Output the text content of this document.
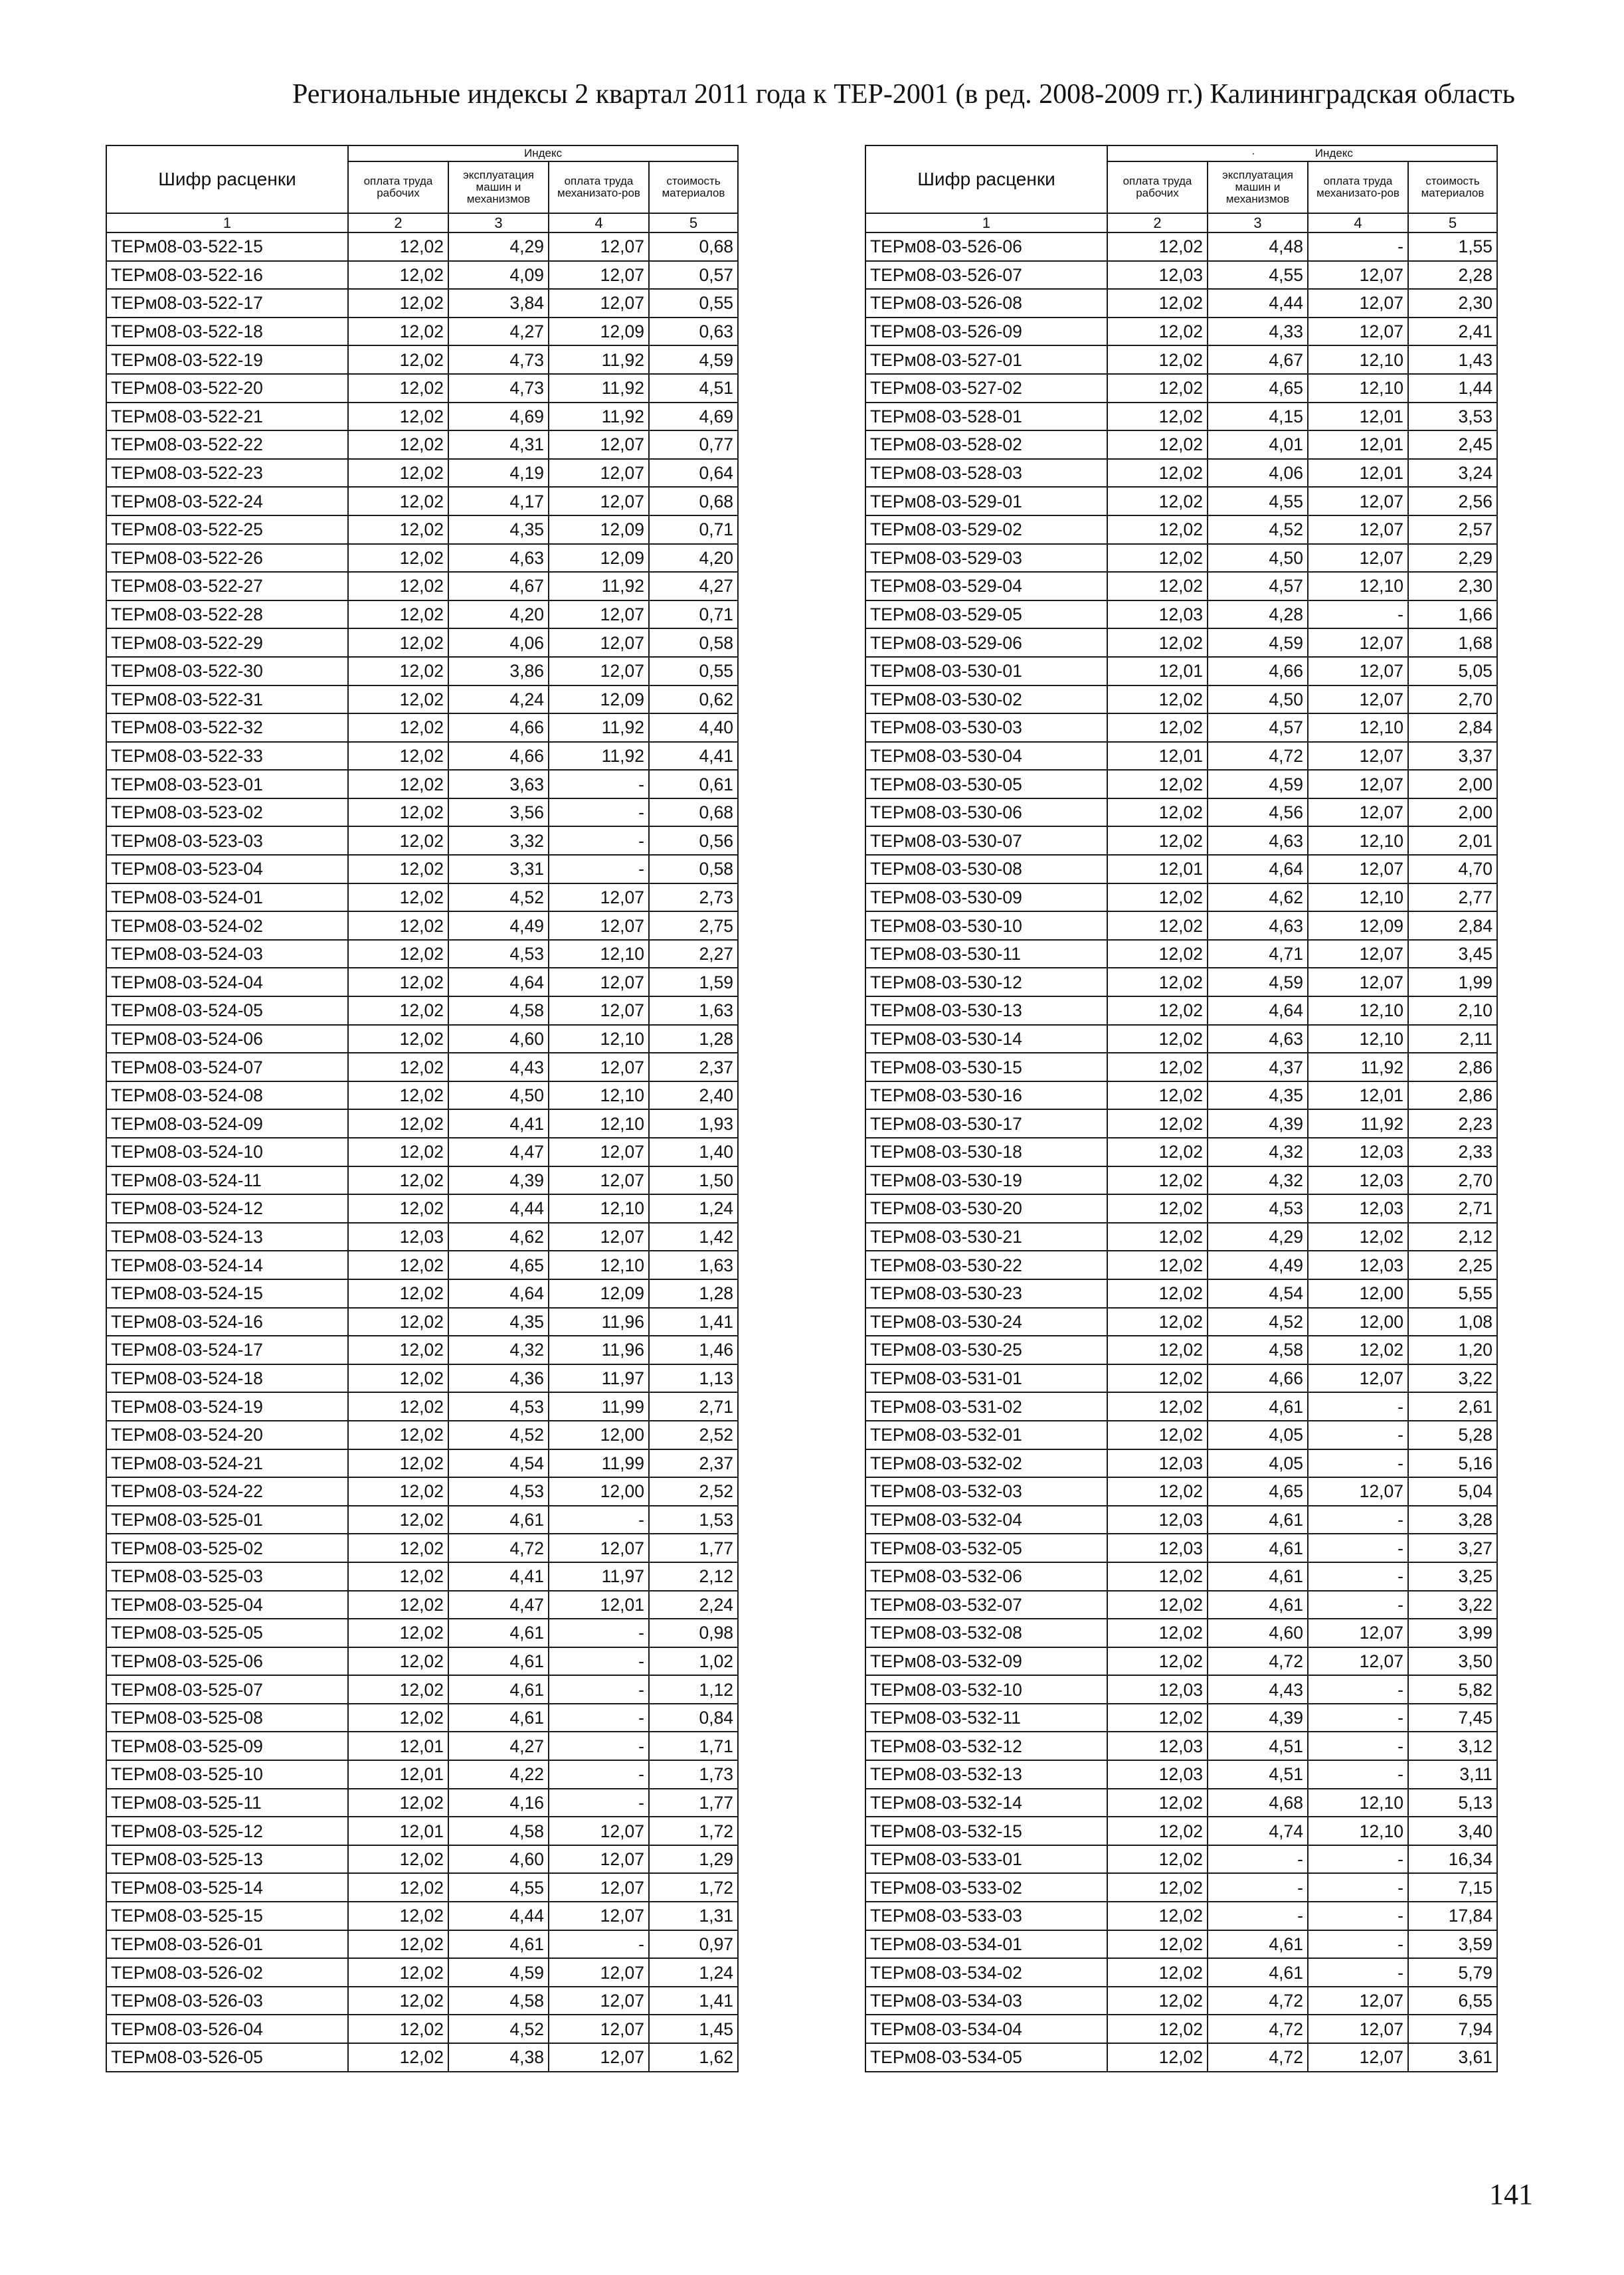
Региональные индексы 2 квартал 2011 года к ТЕР-2001 (в ред. 2008-2009 гг.) Калининградская область
Шифр расценки	Индекс			
	оплата труда рабочих	эксплуатация машин и механизмов	оплата труда механизато-ров	стоимость материалов
1	2	3	4	5
ТЕРм08-03-522-15	12,02	4,29	12,07	0,68
ТЕРм08-03-522-16	12,02	4,09	12,07	0,57
ТЕРм08-03-522-17	12,02	3,84	12,07	0,55
ТЕРм08-03-522-18	12,02	4,27	12,09	0,63
ТЕРм08-03-522-19	12,02	4,73	11,92	4,59
ТЕРм08-03-522-20	12,02	4,73	11,92	4,51
ТЕРм08-03-522-21	12,02	4,69	11,92	4,69
ТЕРм08-03-522-22	12,02	4,31	12,07	0,77
ТЕРм08-03-522-23	12,02	4,19	12,07	0,64
ТЕРм08-03-522-24	12,02	4,17	12,07	0,68
ТЕРм08-03-522-25	12,02	4,35	12,09	0,71
ТЕРм08-03-522-26	12,02	4,63	12,09	4,20
ТЕРм08-03-522-27	12,02	4,67	11,92	4,27
ТЕРм08-03-522-28	12,02	4,20	12,07	0,71
ТЕРм08-03-522-29	12,02	4,06	12,07	0,58
ТЕРм08-03-522-30	12,02	3,86	12,07	0,55
ТЕРм08-03-522-31	12,02	4,24	12,09	0,62
ТЕРм08-03-522-32	12,02	4,66	11,92	4,40
ТЕРм08-03-522-33	12,02	4,66	11,92	4,41
ТЕРм08-03-523-01	12,02	3,63	-	0,61
ТЕРм08-03-523-02	12,02	3,56	-	0,68
ТЕРм08-03-523-03	12,02	3,32	-	0,56
ТЕРм08-03-523-04	12,02	3,31	-	0,58
ТЕРм08-03-524-01	12,02	4,52	12,07	2,73
ТЕРм08-03-524-02	12,02	4,49	12,07	2,75
ТЕРм08-03-524-03	12,02	4,53	12,10	2,27
ТЕРм08-03-524-04	12,02	4,64	12,07	1,59
ТЕРм08-03-524-05	12,02	4,58	12,07	1,63
ТЕРм08-03-524-06	12,02	4,60	12,10	1,28
ТЕРм08-03-524-07	12,02	4,43	12,07	2,37
ТЕРм08-03-524-08	12,02	4,50	12,10	2,40
ТЕРм08-03-524-09	12,02	4,41	12,10	1,93
ТЕРм08-03-524-10	12,02	4,47	12,07	1,40
ТЕРм08-03-524-11	12,02	4,39	12,07	1,50
ТЕРм08-03-524-12	12,02	4,44	12,10	1,24
ТЕРм08-03-524-13	12,03	4,62	12,07	1,42
ТЕРм08-03-524-14	12,02	4,65	12,10	1,63
ТЕРм08-03-524-15	12,02	4,64	12,09	1,28
ТЕРм08-03-524-16	12,02	4,35	11,96	1,41
ТЕРм08-03-524-17	12,02	4,32	11,96	1,46
ТЕРм08-03-524-18	12,02	4,36	11,97	1,13
ТЕРм08-03-524-19	12,02	4,53	11,99	2,71
ТЕРм08-03-524-20	12,02	4,52	12,00	2,52
ТЕРм08-03-524-21	12,02	4,54	11,99	2,37
ТЕРм08-03-524-22	12,02	4,53	12,00	2,52
ТЕРм08-03-525-01	12,02	4,61	-	1,53
ТЕРм08-03-525-02	12,02	4,72	12,07	1,77
ТЕРм08-03-525-03	12,02	4,41	11,97	2,12
ТЕРм08-03-525-04	12,02	4,47	12,01	2,24
ТЕРм08-03-525-05	12,02	4,61	-	0,98
ТЕРм08-03-525-06	12,02	4,61	-	1,02
ТЕРм08-03-525-07	12,02	4,61	-	1,12
ТЕРм08-03-525-08	12,02	4,61	-	0,84
ТЕРм08-03-525-09	12,01	4,27	-	1,71
ТЕРм08-03-525-10	12,01	4,22	-	1,73
ТЕРм08-03-525-11	12,02	4,16	-	1,77
ТЕРм08-03-525-12	12,01	4,58	12,07	1,72
ТЕРм08-03-525-13	12,02	4,60	12,07	1,29
ТЕРм08-03-525-14	12,02	4,55	12,07	1,72
ТЕРм08-03-525-15	12,02	4,44	12,07	1,31
ТЕРм08-03-526-01	12,02	4,61	-	0,97
ТЕРм08-03-526-02	12,02	4,59	12,07	1,24
ТЕРм08-03-526-03	12,02	4,58	12,07	1,41
ТЕРм08-03-526-04	12,02	4,52	12,07	1,45
ТЕРм08-03-526-05	12,02	4,38	12,07	1,62
Шифр расценки	· Индекс			
	оплата труда рабочих	эксплуатация машин и механизмов	оплата труда механизато-ров	стоимость материалов
1	2	3	4	5
ТЕРм08-03-526-06	12,02	4,48	-	1,55
ТЕРм08-03-526-07	12,03	4,55	12,07	2,28
ТЕРм08-03-526-08	12,02	4,44	12,07	2,30
ТЕРм08-03-526-09	12,02	4,33	12,07	2,41
ТЕРм08-03-527-01	12,02	4,67	12,10	1,43
ТЕРм08-03-527-02	12,02	4,65	12,10	1,44
ТЕРм08-03-528-01	12,02	4,15	12,01	3,53
ТЕРм08-03-528-02	12,02	4,01	12,01	2,45
ТЕРм08-03-528-03	12,02	4,06	12,01	3,24
ТЕРм08-03-529-01	12,02	4,55	12,07	2,56
ТЕРм08-03-529-02	12,02	4,52	12,07	2,57
ТЕРм08-03-529-03	12,02	4,50	12,07	2,29
ТЕРм08-03-529-04	12,02	4,57	12,10	2,30
ТЕРм08-03-529-05	12,03	4,28	-	1,66
ТЕРм08-03-529-06	12,02	4,59	12,07	1,68
ТЕРм08-03-530-01	12,01	4,66	12,07	5,05
ТЕРм08-03-530-02	12,02	4,50	12,07	2,70
ТЕРм08-03-530-03	12,02	4,57	12,10	2,84
ТЕРм08-03-530-04	12,01	4,72	12,07	3,37
ТЕРм08-03-530-05	12,02	4,59	12,07	2,00
ТЕРм08-03-530-06	12,02	4,56	12,07	2,00
ТЕРм08-03-530-07	12,02	4,63	12,10	2,01
ТЕРм08-03-530-08	12,01	4,64	12,07	4,70
ТЕРм08-03-530-09	12,02	4,62	12,10	2,77
ТЕРм08-03-530-10	12,02	4,63	12,09	2,84
ТЕРм08-03-530-11	12,02	4,71	12,07	3,45
ТЕРм08-03-530-12	12,02	4,59	12,07	1,99
ТЕРм08-03-530-13	12,02	4,64	12,10	2,10
ТЕРм08-03-530-14	12,02	4,63	12,10	2,11
ТЕРм08-03-530-15	12,02	4,37	11,92	2,86
ТЕРм08-03-530-16	12,02	4,35	12,01	2,86
ТЕРм08-03-530-17	12,02	4,39	11,92	2,23
ТЕРм08-03-530-18	12,02	4,32	12,03	2,33
ТЕРм08-03-530-19	12,02	4,32	12,03	2,70
ТЕРм08-03-530-20	12,02	4,53	12,03	2,71
ТЕРм08-03-530-21	12,02	4,29	12,02	2,12
ТЕРм08-03-530-22	12,02	4,49	12,03	2,25
ТЕРм08-03-530-23	12,02	4,54	12,00	5,55
ТЕРм08-03-530-24	12,02	4,52	12,00	1,08
ТЕРм08-03-530-25	12,02	4,58	12,02	1,20
ТЕРм08-03-531-01	12,02	4,66	12,07	3,22
ТЕРм08-03-531-02	12,02	4,61	-	2,61
ТЕРм08-03-532-01	12,02	4,05	-	5,28
ТЕРм08-03-532-02	12,03	4,05	-	5,16
ТЕРм08-03-532-03	12,02	4,65	12,07	5,04
ТЕРм08-03-532-04	12,03	4,61	-	3,28
ТЕРм08-03-532-05	12,03	4,61	-	3,27
ТЕРм08-03-532-06	12,02	4,61	-	3,25
ТЕРм08-03-532-07	12,02	4,61	-	3,22
ТЕРм08-03-532-08	12,02	4,60	12,07	3,99
ТЕРм08-03-532-09	12,02	4,72	12,07	3,50
ТЕРм08-03-532-10	12,03	4,43	-	5,82
ТЕРм08-03-532-11	12,02	4,39	-	7,45
ТЕРм08-03-532-12	12,03	4,51	-	3,12
ТЕРм08-03-532-13	12,03	4,51	-	3,11
ТЕРм08-03-532-14	12,02	4,68	12,10	5,13
ТЕРм08-03-532-15	12,02	4,74	12,10	3,40
ТЕРм08-03-533-01	12,02	-	-	16,34
ТЕРм08-03-533-02	12,02	-	-	7,15
ТЕРм08-03-533-03	12,02	-	-	17,84
ТЕРм08-03-534-01	12,02	4,61	-	3,59
ТЕРм08-03-534-02	12,02	4,61	-	5,79
ТЕРм08-03-534-03	12,02	4,72	12,07	6,55
ТЕРм08-03-534-04	12,02	4,72	12,07	7,94
ТЕРм08-03-534-05	12,02	4,72	12,07	3,61
141
